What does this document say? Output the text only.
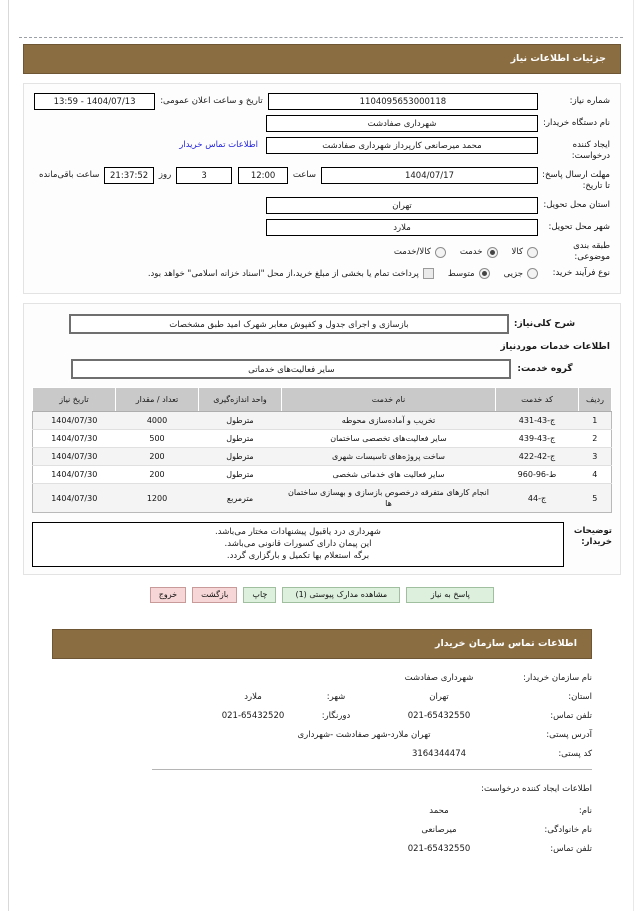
جزئیات اطلاعات نیاز
شماره نیاز:
1104095653000118
تاریخ و ساعت اعلان عمومی:
1404/07/13 - 13:59
نام دستگاه خریدار:
شهرداری صفادشت
ایجاد کننده درخواست:
محمد میرصانعی کارپرداز شهرداری صفادشت
اطلاعات تماس خریدار
مهلت ارسال پاسخ: تا تاریخ:
1404/07/17
ساعت
12:00
3
روز
21:37:52
ساعت باقی‌مانده
استان محل تحویل:
تهران
شهر محل تحویل:
ملارد
طبقه بندی موضوعی:
کالا
خدمت
کالا/خدمت
نوع فرآیند خرید:
جزیی
متوسط
پرداخت تمام یا بخشی از مبلغ خرید،از محل "اسناد خزانه اسلامی" خواهد بود.
شرح کلی‌نیاز:
بازسازی و اجرای جدول و کفپوش معابر شهرک امید طبق مشخصات
اطلاعات خدمات موردنیاز
گروه خدمت:
سایر فعالیت‌های خدماتی
ردیف	کد خدمت	نام خدمت	واحد اندازه‌گیری	تعداد / مقدار	تاریخ نیاز
1	ج-43-431	تخریب و آماده‌سازی محوطه	مترطول	4000	1404/07/30
2	ج-43-439	سایر فعالیت‌های تخصصی ساختمان	مترطول	500	1404/07/30
3	ج-42-422	ساخت پروژه‌های تاسیسات شهری	مترطول	200	1404/07/30
4	ط-96-960	سایر فعالیت های خدماتی شخصی	مترطول	200	1404/07/30
5	ج-44	انجام کارهای متفرقه درخصوص بازسازی و بهسازی ساختمان ها	مترمربع	1200	1404/07/30
توضیحات خریدار:
شهرداری درد یاقبول پیشنهادات مختار می‌باشد.
این پیمان دارای کسورات قانونی می‌باشد.
برگه استعلام بها تکمیل و بارگزاری گردد.
پاسخ به نیاز
مشاهده مدارک پیوستی (1)
چاپ
بازگشت
خروج
اطلاعات تماس سازمان خریدار
نام سازمان خریدار:
شهرداری صفادشت
استان:
تهران
شهر:
ملارد
تلفن تماس:
021-65432550
دورنگار:
021-65432520
آدرس پستی:
تهران ملارد-شهر صفادشت -شهرداری
کد پستی:
3164344474
اطلاعات ایجاد کننده درخواست:
نام:
محمد
نام خانوادگی:
میرصانعی
تلفن تماس:
021-65432550
